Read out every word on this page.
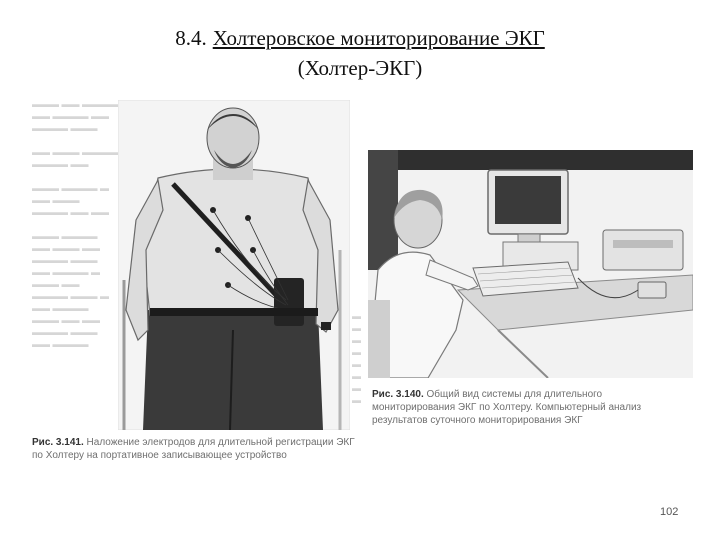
8.4. Холтеровское мониторирование ЭКГ
(Холтер-ЭКГ)
▬▬▬ ▬▬ ▬▬▬▬
▬▬ ▬▬▬▬ ▬▬
▬▬▬▬ ▬▬▬

▬▬ ▬▬▬ ▬▬▬▬
▬▬▬▬ ▬▬

▬▬▬ ▬▬▬▬ ▬
▬▬ ▬▬▬
▬▬▬▬ ▬▬ ▬▬

▬▬▬ ▬▬▬▬
▬▬ ▬▬▬ ▬▬
▬▬▬▬ ▬▬▬
▬▬ ▬▬▬▬ ▬
▬▬▬ ▬▬
▬▬▬▬ ▬▬▬ ▬
▬▬ ▬▬▬▬
▬▬▬ ▬▬ ▬▬
▬▬▬▬ ▬▬▬
▬▬ ▬▬▬▬
▬
▬
▬
▬
▬
▬
▬
▬	Рис. 3.140. Общий вид системы для длительного мониторирования ЭКГ по Холтеру. Компьютерный анализ результатов суточного мониторирования ЭКГ
Рис. 3.141. Наложение электродов для длительной регистрации ЭКГ по Холтеру на портативное записывающее устройство
102
